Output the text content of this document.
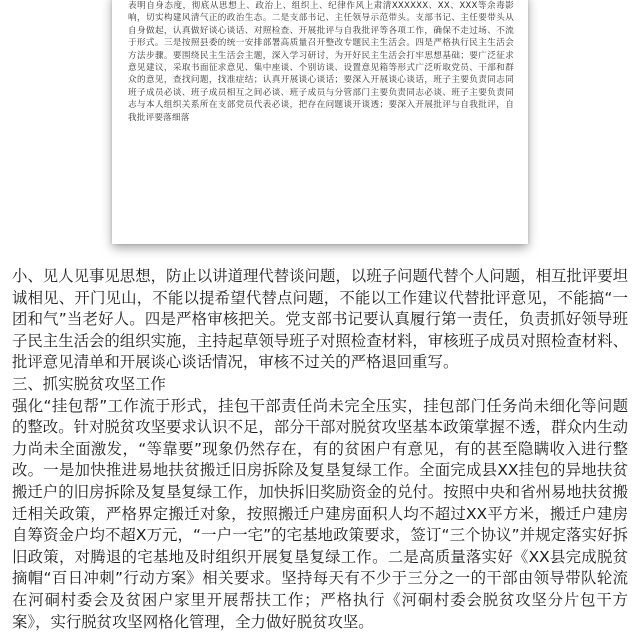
表明自身态度，彻底从思想上、政治上、组织上、纪律作风上肃清XXXXXX、XX、XXX等余毒影响，切实构建风清气正的政治生态。二是支部书记、主任领导示范带头。支部书记、主任要带头从自身做起，认真做好谈心谈话、对照检查、开展批评与自我批评等各项工作，确保不走过场、不流于形式。三是按照县委的统一安排部署高质量召开整改专题民主生活会。四是严格执行民主生活会方法步骤。要围绕民主生活会主题，深入学习研讨，为开好民主生活会打牢思想基础；要广泛征求意见建议，采取书面征求意见、集中座谈、个别访谈、设置意见箱等形式广泛听取党员、干部和群众的意见，查找问题，找准症结；认真开展谈心谈话；要深入开展谈心谈话，班子主要负责同志同班子成员必谈、班子成员相互之间必谈、班子成员与分管部门主要负责同志必谈、班子主要负责同志与本人组织关系所在支部党员代表必谈，把存在问题谈开谈透；要深入开展批评与自我批评，自我批评要落细落

小、见人见事见思想，防止以讲道理代替谈问题，以班子问题代替个人问题，相互批评要坦诚相见、开门见山，不能以提希望代替点问题，不能以工作建议代替批评意见，不能搞“一团和气”当老好人。四是严格审核把关。党支部书记要认真履行第一责任，负责抓好领导班子民主生活会的组织实施，主持起草领导班子对照检查材料，审核班子成员对照检查材料、批评意见清单和开展谈心谈话情况，审核不过关的严格退回重写。

三、抓实脱贫攻坚工作

强化“挂包帮”工作流于形式，挂包干部责任尚未完全压实，挂包部门任务尚未细化等问题的整改。针对脱贫攻坚要求认识不足，部分干部对脱贫攻坚基本政策掌握不透，群众内生动力尚未全面激发，“等靠要”现象仍然存在，有的贫困户有意见，有的甚至隐瞒收入进行整改。一是加快推进易地扶贫搬迁旧房拆除及复垦复绿工作。全面完成县XX挂包的异地扶贫搬迁户的旧房拆除及复垦复绿工作，加快拆旧奖励资金的兑付。按照中央和省州易地扶贫搬迁相关政策，严格界定搬迁对象，按照搬迁户建房面积人均不超过XX平方米，搬迁户建房自筹资金户均不超X万元，“一户一宅”的宅基地政策要求，签订“三个协议”并规定落实好拆旧政策，对腾退的宅基地及时组织开展复垦复绿工作。二是高质量落实好《XX县完成脱贫摘帽“百日冲刺”行动方案》相关要求。坚持每天有不少于三分之一的干部由领导带队轮流在河硐村委会及贫困户家里开展帮扶工作；严格执行《河硐村委会脱贫攻坚分片包干方案》，实行脱贫攻坚网格化管理，全力做好脱贫攻坚。
